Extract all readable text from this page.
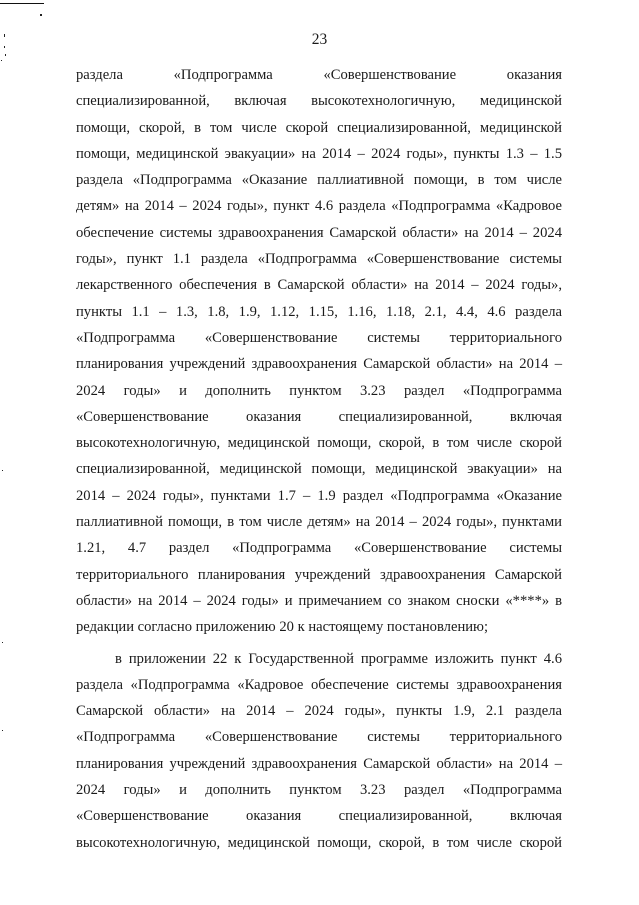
23
раздела «Подпрограмма «Совершенствование оказания
специализированной, включая высокотехнологичную, медицинской
помощи, скорой, в том числе скорой специализированной, медицинской
помощи, медицинской эвакуации» на 2014 – 2024 годы», пункты 1.3 – 1.5
раздела «Подпрограмма «Оказание паллиативной помощи, в том числе
детям» на 2014 – 2024 годы», пункт 4.6 раздела «Подпрограмма «Кадровое
обеспечение системы здравоохранения Самарской области» на 2014 – 2024
годы», пункт 1.1 раздела «Подпрограмма «Совершенствование системы
лекарственного обеспечения в Самарской области» на 2014 – 2024 годы»,
пункты 1.1 – 1.3, 1.8, 1.9, 1.12, 1.15, 1.16, 1.18, 2.1, 4.4, 4.6 раздела
«Подпрограмма «Совершенствование системы территориального
планирования учреждений здравоохранения Самарской области» на 2014 –
2024 годы» и дополнить пунктом 3.23 раздел «Подпрограмма
«Совершенствование оказания специализированной, включая
высокотехнологичную, медицинской помощи, скорой, в том числе скорой
специализированной, медицинской помощи, медицинской эвакуации» на
2014 – 2024 годы», пунктами 1.7 – 1.9 раздел «Подпрограмма «Оказание
паллиативной помощи, в том числе детям» на 2014 – 2024 годы», пунктами
1.21, 4.7 раздел «Подпрограмма «Совершенствование системы
территориального планирования учреждений здравоохранения Самарской
области» на 2014 – 2024 годы» и примечанием со знаком сноски «****» в
редакции согласно приложению 20 к настоящему постановлению;
в приложении 22 к Государственной программе изложить пункт 4.6
раздела «Подпрограмма «Кадровое обеспечение системы здравоохранения
Самарской области» на 2014 – 2024 годы», пункты 1.9, 2.1 раздела
«Подпрограмма «Совершенствование системы территориального
планирования учреждений здравоохранения Самарской области» на 2014 –
2024 годы» и дополнить пунктом 3.23 раздел «Подпрограмма
«Совершенствование оказания специализированной, включая
высокотехнологичную, медицинской помощи, скорой, в том числе скорой
